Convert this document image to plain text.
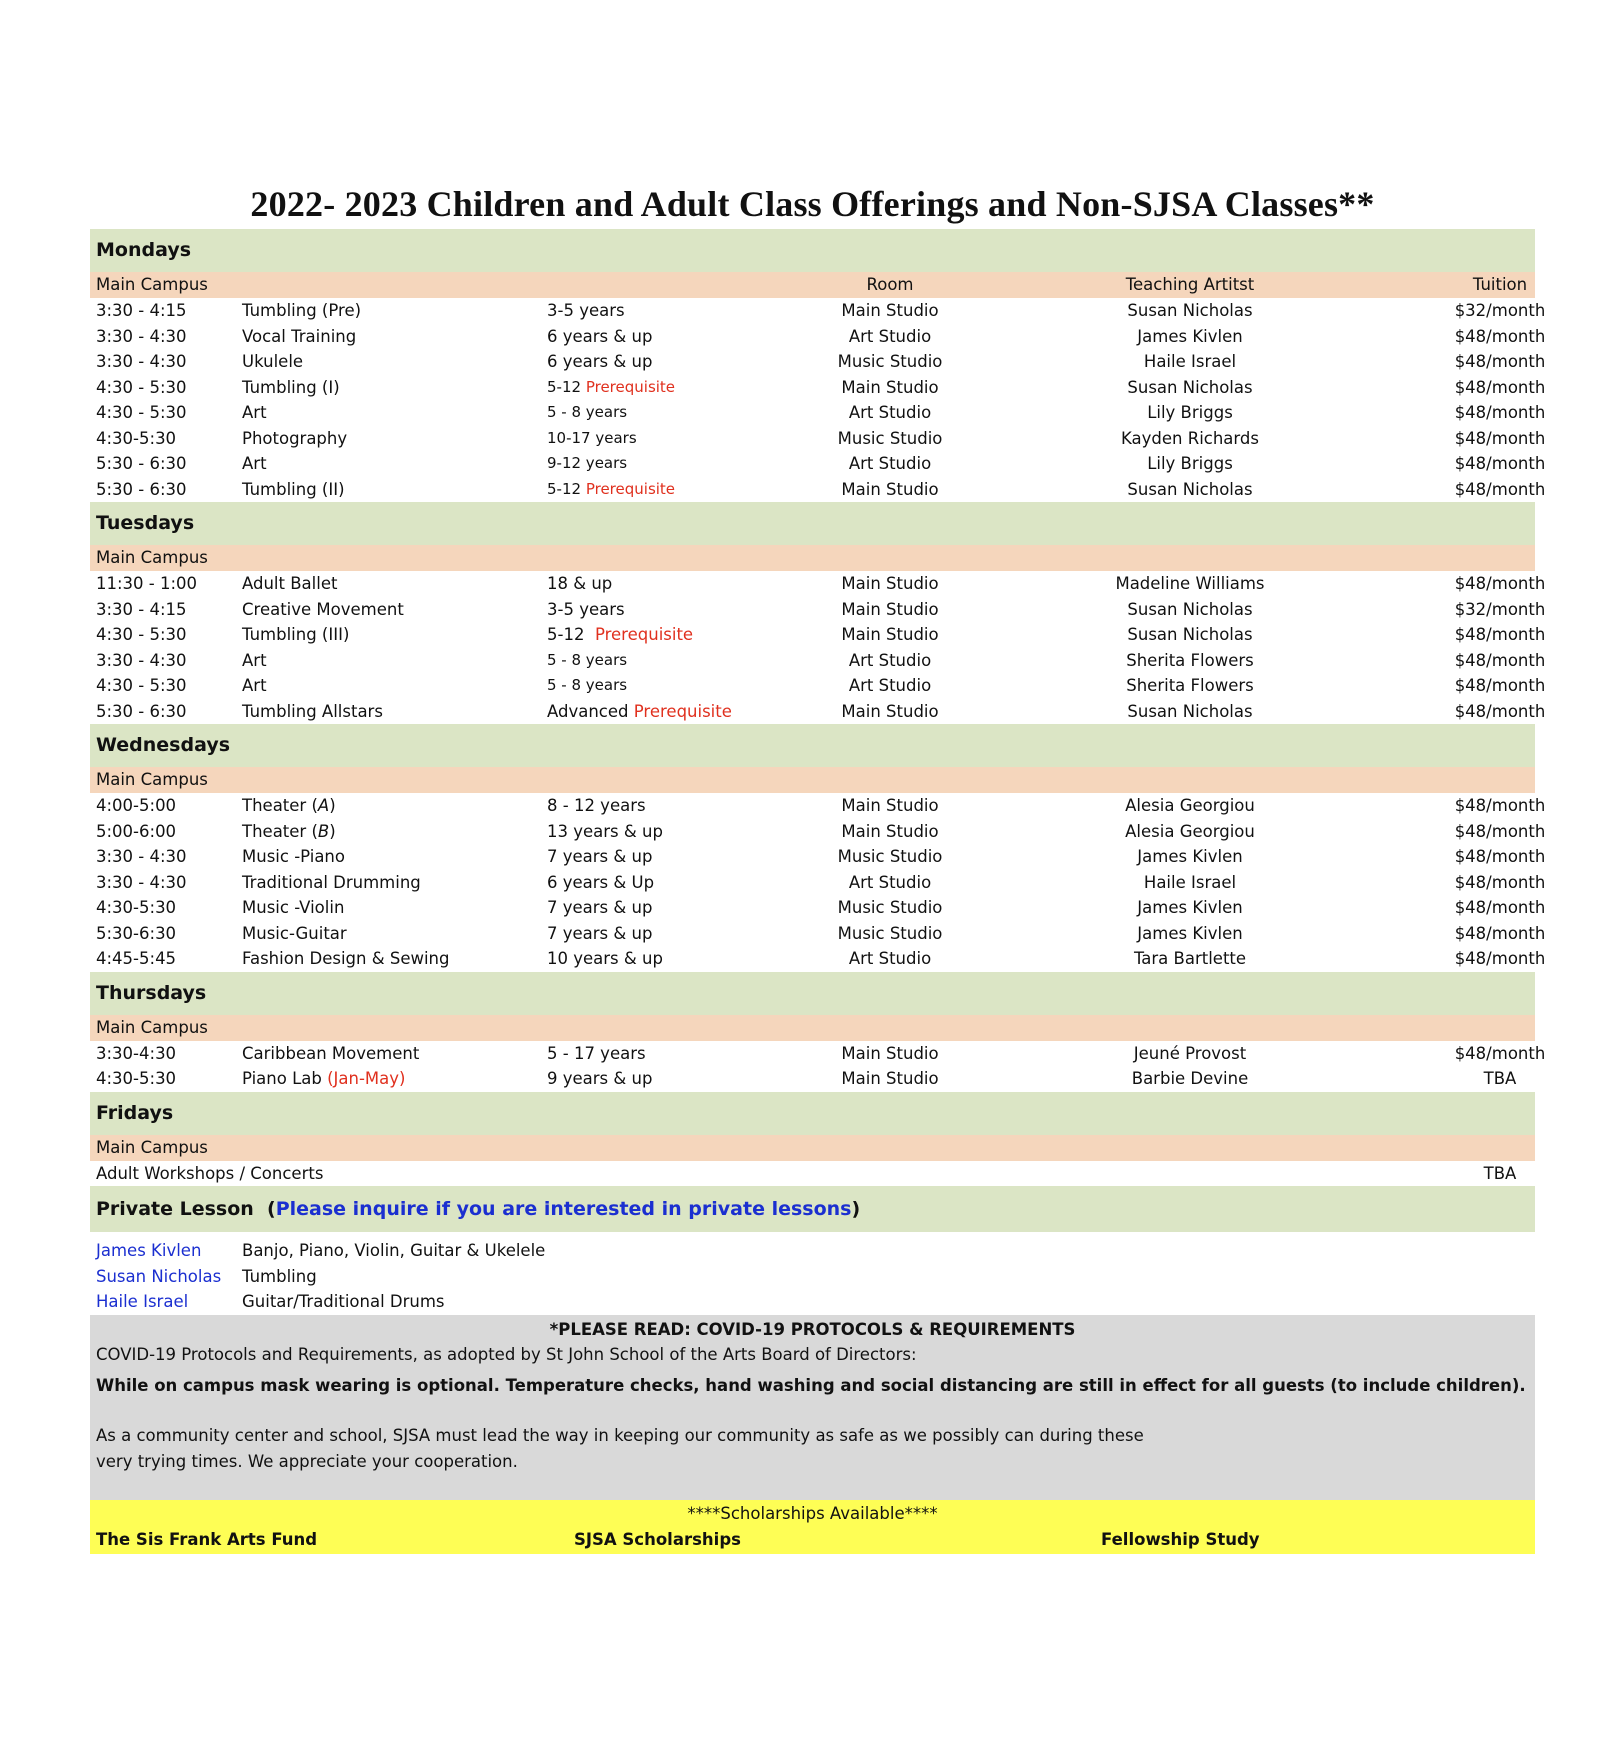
2022- 2023 Children and Adult Class Offerings and Non-SJSA Classes**
Mondays
Main Campus	Room	Teaching Artitst	Tuition
3:30 - 4:15	Tumbling (Pre)	3-5 years	Main Studio	Susan Nicholas	$32/month
3:30 - 4:30	Vocal Training	6 years & up	Art Studio	James Kivlen	$48/month
3:30 - 4:30	Ukulele	6 years & up	Music Studio	Haile Israel	$48/month
4:30 - 5:30	Tumbling (I)	5-12 Prerequisite	Main Studio	Susan Nicholas	$48/month
4:30 - 5:30	Art	5 - 8 years	Art Studio	Lily Briggs	$48/month
4:30-5:30	Photography	10-17 years	Music Studio	Kayden Richards	$48/month
5:30 - 6:30	Art	9-12 years	Art Studio	Lily Briggs	$48/month
5:30 - 6:30	Tumbling (II)	5-12 Prerequisite	Main Studio	Susan Nicholas	$48/month
Tuesdays
Main Campus
11:30 - 1:00	Adult Ballet	18 & up	Main Studio	Madeline Williams	$48/month
3:30 - 4:15	Creative Movement	3-5 years	Main Studio	Susan Nicholas	$32/month
4:30 - 5:30	Tumbling (III)	5-12 Prerequisite	Main Studio	Susan Nicholas	$48/month
3:30 - 4:30	Art	5 - 8 years	Art Studio	Sherita Flowers	$48/month
4:30 - 5:30	Art	5 - 8 years	Art Studio	Sherita Flowers	$48/month
5:30 - 6:30	Tumbling Allstars	Advanced Prerequisite	Main Studio	Susan Nicholas	$48/month
Wednesdays
Main Campus
4:00-5:00	Theater (A)	8 - 12 years	Main Studio	Alesia Georgiou	$48/month
5:00-6:00	Theater (B)	13 years & up	Main Studio	Alesia Georgiou	$48/month
3:30 - 4:30	Music -Piano	7 years & up	Music Studio	James Kivlen	$48/month
3:30 - 4:30	Traditional Drumming	6 years & Up	Art Studio	Haile Israel	$48/month
4:30-5:30	Music -Violin	7 years & up	Music Studio	James Kivlen	$48/month
5:30-6:30	Music-Guitar	7 years & up	Music Studio	James Kivlen	$48/month
4:45-5:45	Fashion Design & Sewing	10 years & up	Art Studio	Tara Bartlette	$48/month
Thursdays
Main Campus
3:30-4:30	Caribbean Movement	5 - 17 years	Main Studio	Jeuné Provost	$48/month
4:30-5:30	Piano Lab (Jan-May)	9 years & up	Main Studio	Barbie Devine	TBA
Fridays
Main Campus
Adult Workshops / Concerts	TBA
Private Lesson (Please inquire if you are interested in private lessons)
James Kivlen Banjo, Piano, Violin, Guitar & Ukelele
Susan Nicholas Tumbling
Haile Israel	Guitar/Traditional Drums
*PLEASE READ: COVID-19 PROTOCOLS & REQUIREMENTS
COVID-19 Protocols and Requirements, as adopted by St John School of the Arts Board of Directors:
While on campus mask wearing is optional. Temperature checks, hand washing and social distancing are still in effect for all guests (to include children).
As a community center and school, SJSA must lead the way in keeping our community as safe as we possibly can during these
very trying times. We appreciate your cooperation.
****Scholarships Available****
The Sis Frank Arts Fund	SJSA Scholarships	Fellowship Study
